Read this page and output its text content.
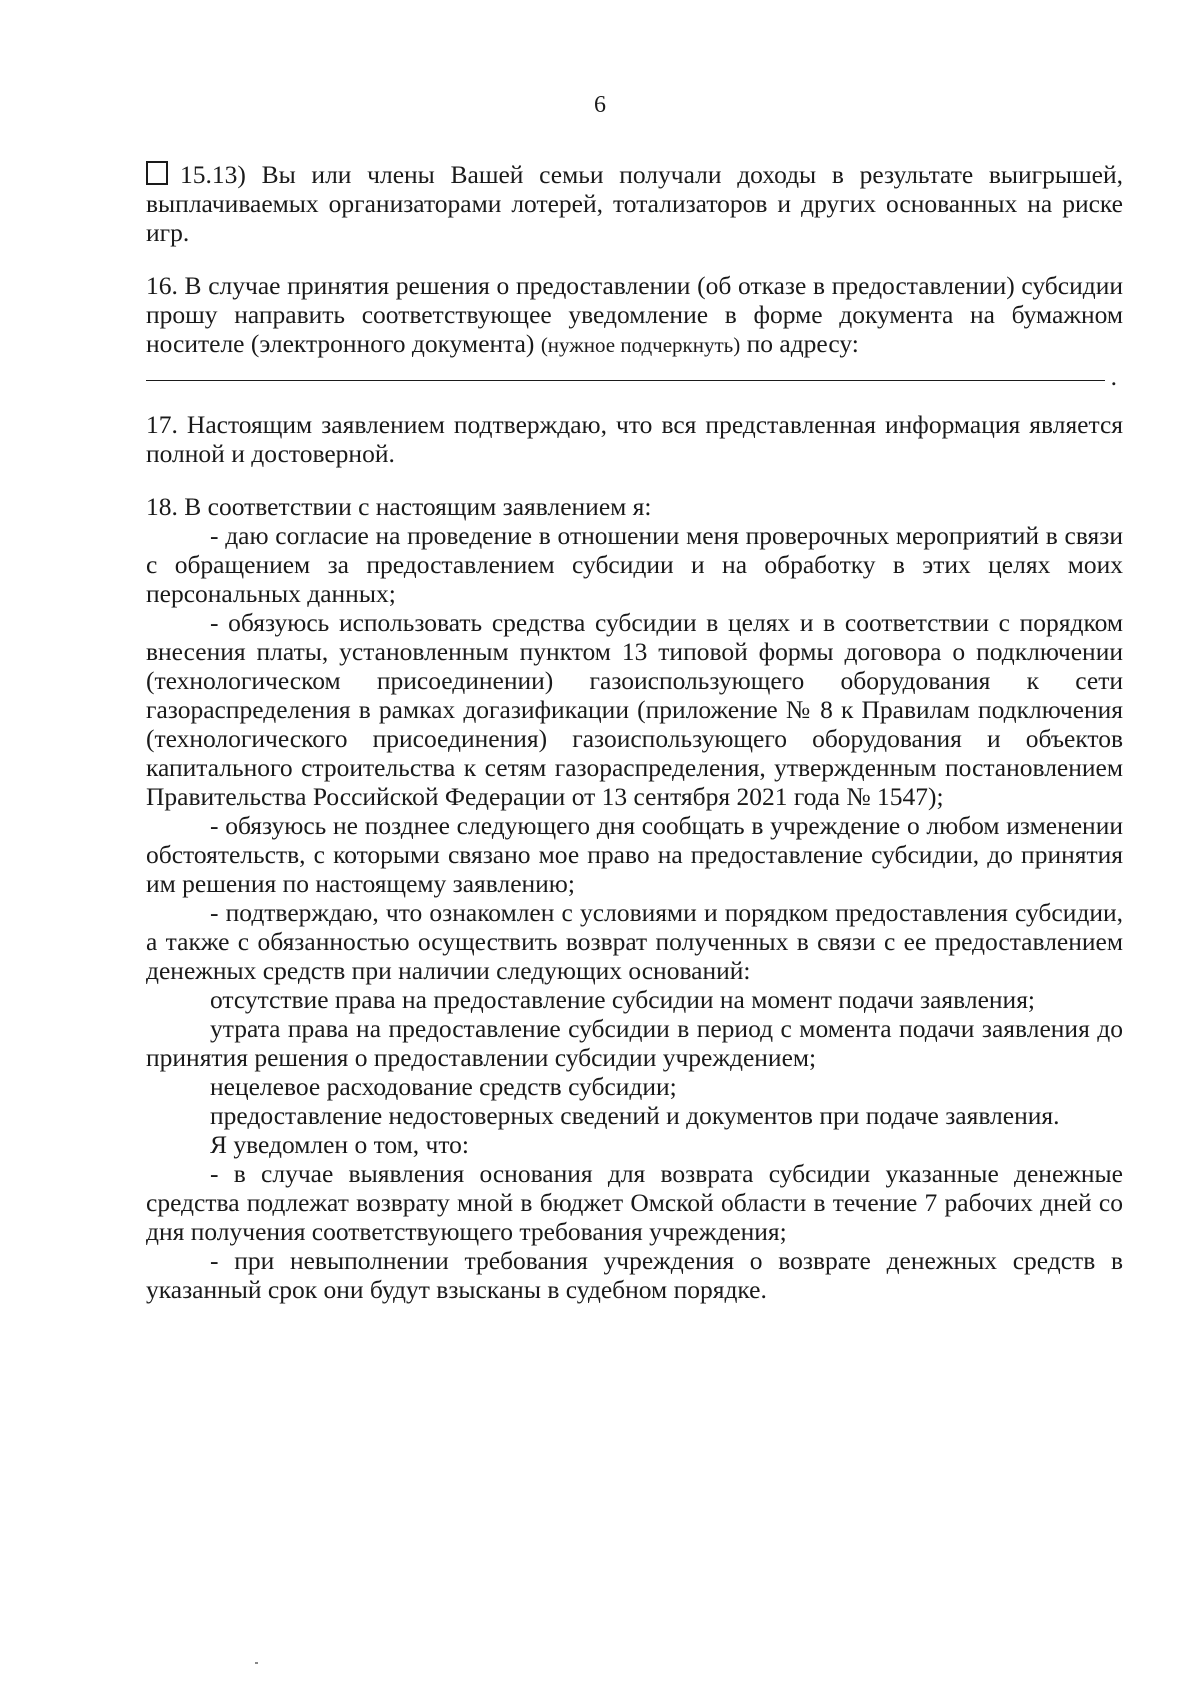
6

15.13) Вы или члены Вашей семьи получали доходы в результате выигрышей, выплачиваемых организаторами лотерей, тотализаторов и других основанных на риске игр.

16. В случае принятия решения о предоставлении (об отказе в предоставлении) субсидии прошу направить соответствующее уведомление в форме документа на бумажном носителе (электронного документа) (нужное подчеркнуть) по адресу:

.

17. Настоящим заявлением подтверждаю, что вся представленная информация является полной и достоверной.

18. В соответствии с настоящим заявлением я:

- даю согласие на проведение в отношении меня проверочных мероприятий в связи с обращением за предоставлением субсидии и на обработку в этих целях моих персональных данных;

- обязуюсь использовать средства субсидии в целях и в соответствии с порядком внесения платы, установленным пунктом 13 типовой формы договора о подключении (технологическом присоединении) газоиспользующего оборудования к сети газораспределения в рамках догазификации (приложение № 8 к Правилам подключения (технологического присоединения) газоиспользующего оборудования и объектов капитального строительства к сетям газораспределения, утвержденным постановлением Правительства Российской Федерации от 13 сентября 2021 года № 1547);

- обязуюсь не позднее следующего дня сообщать в учреждение о любом изменении обстоятельств, с которыми связано мое право на предоставление субсидии, до принятия им решения по настоящему заявлению;

- подтверждаю, что ознакомлен с условиями и порядком предоставления субсидии, а также с обязанностью осуществить возврат полученных в связи с ее предоставлением денежных средств при наличии следующих оснований:

отсутствие права на предоставление субсидии на момент подачи заявления;

утрата права на предоставление субсидии в период с момента подачи заявления до принятия решения о предоставлении субсидии учреждением;

нецелевое расходование средств субсидии;

предоставление недостоверных сведений и документов при подаче заявления.

Я уведомлен о том, что:

- в случае выявления основания для возврата субсидии указанные денежные средства подлежат возврату мной в бюджет Омской области в течение 7 рабочих дней со дня получения соответствующего требования учреждения;

- при невыполнении требования учреждения о возврате денежных средств в указанный срок они будут взысканы в судебном порядке.
